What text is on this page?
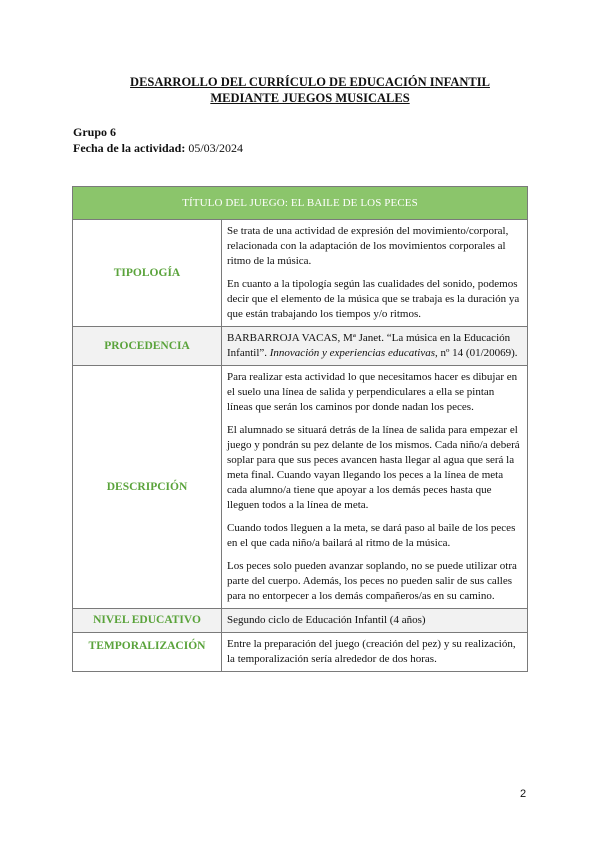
DESARROLLO DEL CURRÍCULO DE EDUCACIÓN INFANTIL
MEDIANTE JUEGOS MUSICALES
Grupo 6
Fecha de la actividad: 05/03/2024
TÍTULO DEL JUEGO: EL BAILE DE LOS PECES	
TIPOLOGÍA	Se trata de una actividad de expresión del movimiento/corporal, relacionada con la adaptación de los movimientos corporales al ritmo de la música.

En cuanto a la tipología según las cualidades del sonido, podemos decir que el elemento de la música que se trabaja es la duración ya que están trabajando los tiempos y/o ritmos.

PROCEDENCIA	BARBARROJA VACAS, Mª Janet. “La música en la Educación Infantil”. Innovación y experiencias educativas, nº 14 (01/20069).
DESCRIPCIÓN	Para realizar esta actividad lo que necesitamos hacer es dibujar en el suelo una línea de salida y perpendiculares a ella se pintan líneas que serán los caminos por donde nadan los peces.

El alumnado se situará detrás de la línea de salida para empezar el juego y pondrán su pez delante de los mismos. Cada niño/a deberá soplar para que sus peces avancen hasta llegar al agua que será la meta final. Cuando vayan llegando los peces a la línea de meta cada alumno/a tiene que apoyar a los demás peces hasta que lleguen todos a la línea de meta.

Cuando todos lleguen a la meta, se dará paso al baile de los peces en el que cada niño/a bailará al ritmo de la música.

Los peces solo pueden avanzar soplando, no se puede utilizar otra parte del cuerpo. Además, los peces no pueden salir de sus calles para no entorpecer a los demás compañeros/as en su camino.

NIVEL EDUCATIVO	Segundo ciclo de Educación Infantil (4 años)
TEMPORALIZACIÓN	Entre la preparación del juego (creación del pez) y su realización, la temporalización sería alrededor de dos horas.
2
